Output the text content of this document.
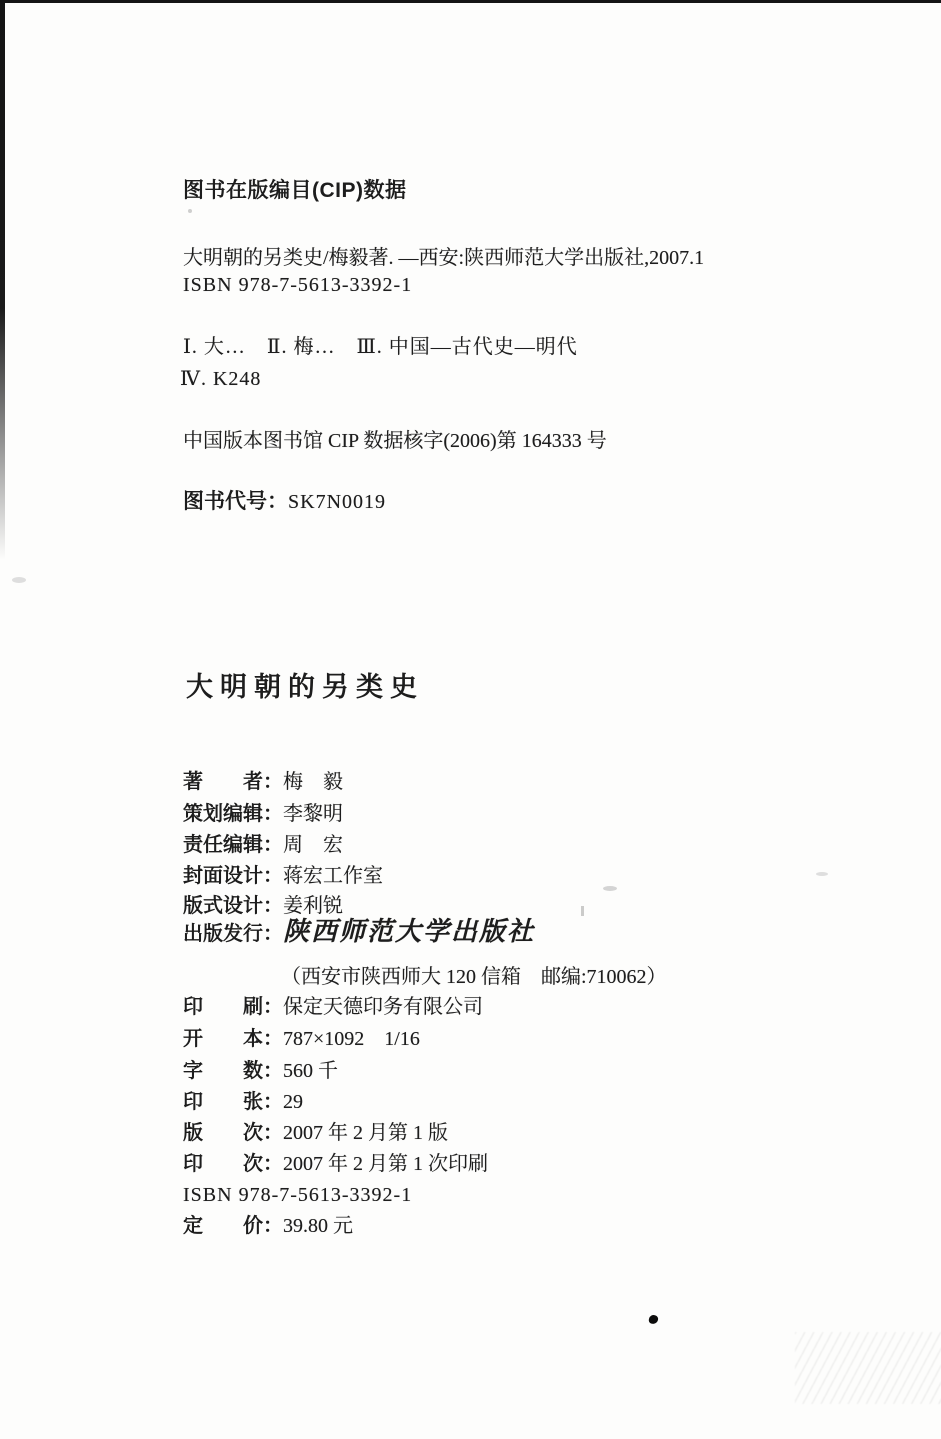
图书在版编目(CIP)数据
大明朝的另类史/梅毅著. —西安:陕西师范大学出版社,2007.1
ISBN 978-7-5613-3392-1
Ⅰ. 大…　Ⅱ. 梅…　Ⅲ. 中国—古代史—明代
Ⅳ. K248
中国版本图书馆 CIP 数据核字(2006)第 164333 号
图书代号：SK7N0019
大明朝的另类史
著　　者：梅　毅
策划编辑：李黎明
责任编辑：周　宏
封面设计：蒋宏工作室
版式设计：姜利锐
出版发行：陕西师范大学出版社
（西安市陕西师大 120 信箱　邮编:710062）
印　　刷：保定天德印务有限公司
开　　本：787×1092　1/16
字　　数：560 千
印　　张：29
版　　次：2007 年 2 月第 1 版
印　　次：2007 年 2 月第 1 次印刷
ISBN 978-7-5613-3392-1
定　　价：39.80 元
